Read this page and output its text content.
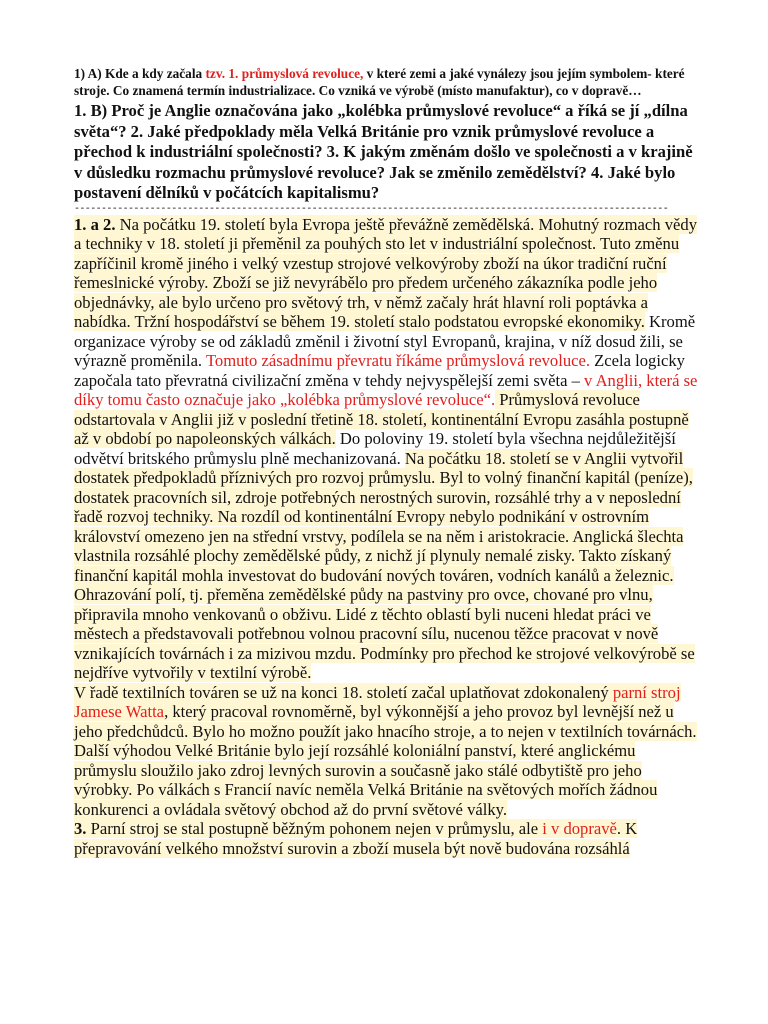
1) A) Kde a kdy začala tzv. 1. průmyslová revoluce, v které zemi a jaké vynálezy jsou jejím symbolem- které stroje. Co znamená termín industrializace. Co vzniká ve výrobě (místo manufaktur), co v dopravě…

1. B) Proč je Anglie označována jako „kolébka průmyslové revoluce“ a říká se jí „dílna světa“? 2. Jaké předpoklady měla Velká Británie pro vznik průmyslové revoluce a přechod k industriální společnosti? 3. K jakým změnám došlo ve společnosti a v krajině v důsledku rozmachu průmyslové revoluce? Jak se změnilo zemědělství? 4. Jaké bylo postavení dělníků v počátcích kapitalismu?

--------------------------------------------------------------------------------------------------------------

1. a 2. Na počátku 19. století byla Evropa ještě převážně zemědělská. Mohutný rozmach vědy a techniky v 18. století ji přeměnil za pouhých sto let v industriální společnost. Tuto změnu zapříčinil kromě jiného i velký vzestup strojové velkovýroby zboží na úkor tradiční ruční řemeslnické výroby. Zboží se již nevyrábělo pro předem určeného zákazníka podle jeho objednávky, ale bylo určeno pro světový trh, v němž začaly hrát hlavní roli poptávka a nabídka. Tržní hospodářství se během 19. století stalo podstatou evropské ekonomiky. Kromě organizace výroby se od základů změnil i životní styl Evropanů, krajina, v níž dosud žili, se výrazně proměnila. Tomuto zásadnímu převratu říkáme průmyslová revoluce. Zcela logicky započala tato převratná civilizační změna v tehdy nejvyspělejší zemi světa – v Anglii, která se díky tomu často označuje jako „kolébka průmyslové revoluce“. Průmyslová revoluce odstartovala v Anglii již v poslední třetině 18. století, kontinentální Evropu zasáhla postupně až v období po napoleonských válkách. Do poloviny 19. století byla všechna nejdůležitější odvětví britského průmyslu plně mechanizovaná. Na počátku 18. století se v Anglii vytvořil dostatek předpokladů příznivých pro rozvoj průmyslu. Byl to volný finanční kapitál (peníze), dostatek pracovních sil, zdroje potřebných nerostných surovin, rozsáhlé trhy a v neposlední řadě rozvoj techniky. Na rozdíl od kontinentální Evropy nebylo podnikání v ostrovním království omezeno jen na střední vrstvy, podílela se na něm i aristokracie. Anglická šlechta vlastnila rozsáhlé plochy zemědělské půdy, z nichž jí plynuly nemalé zisky. Takto získaný finanční kapitál mohla investovat do budování nových továren, vodních kanálů a železnic. Ohrazování polí, tj. přeměna zemědělské půdy na pastviny pro ovce, chované pro vlnu, připravila mnoho venkovanů o obživu. Lidé z těchto oblastí byli nuceni hledat práci ve městech a představovali potřebnou volnou pracovní sílu, nucenou těžce pracovat v nově vznikajících továrnách i za mizivou mzdu. Podmínky pro přechod ke strojové velkovýrobě se nejdříve vytvořily v textilní výrobě.

V řadě textilních továren se už na konci 18. století začal uplatňovat zdokonalený parní stroj Jamese Watta, který pracoval rovnoměrně, byl výkonnější a jeho provoz byl levnější než u jeho předchůdců. Bylo ho možno použít jako hnacího stroje, a to nejen v textilních továrnách.

Další výhodou Velké Británie bylo její rozsáhlé koloniální panství, které anglickému průmyslu sloužilo jako zdroj levných surovin a současně jako stálé odbytiště pro jeho výrobky. Po válkách s Francií navíc neměla Velká Británie na světových mořích žádnou konkurenci a ovládala světový obchod až do první světové války.

3. Parní stroj se stal postupně běžným pohonem nejen v průmyslu, ale i v dopravě. K přepravování velkého množství surovin a zboží musela být nově budována rozsáhlá
